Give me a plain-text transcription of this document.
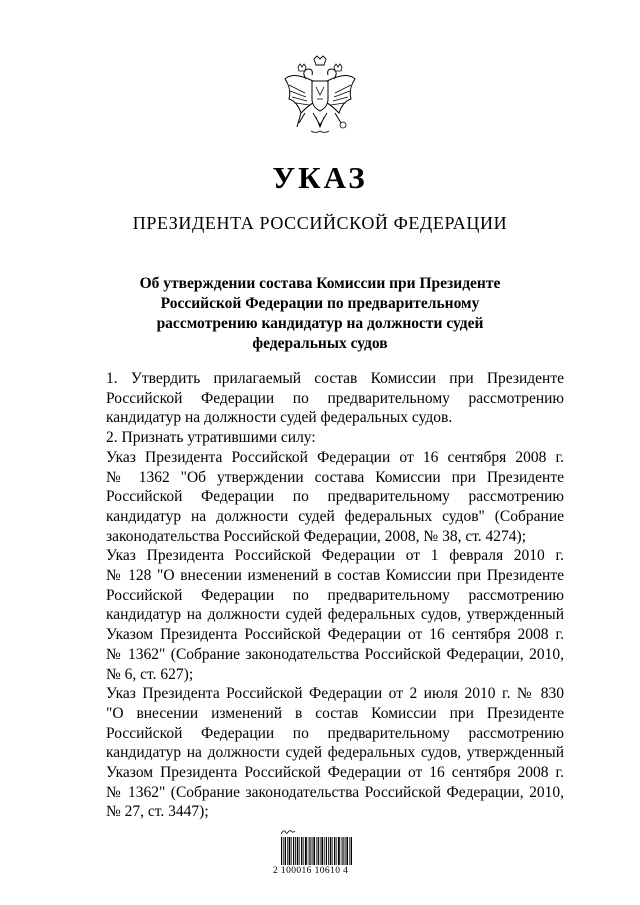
УКАЗ
ПРЕЗИДЕНТА РОССИЙСКОЙ ФЕДЕРАЦИИ
Об утверждении состава Комиссии при Президенте
Российской Федерации по предварительному
рассмотрению кандидатур на должности судей
федеральных судов
1. Утвердить прилагаемый состав Комиссии при Президенте
Российской Федерации по предварительному рассмотрению
кандидатур на должности судей федеральных судов.
2. Признать утратившими силу:
Указ Президента Российской Федерации от 16 сентября 2008 г.
№ 1362 "Об утверждении состава Комиссии при Президенте
Российской Федерации по предварительному рассмотрению
кандидатур на должности судей федеральных судов" (Собрание
законодательства Российской Федерации, 2008, № 38, ст. 4274);
Указ Президента Российской Федерации от 1 февраля 2010 г.
№ 128 "О внесении изменений в состав Комиссии при Президенте
Российской Федерации по предварительному рассмотрению
кандидатур на должности судей федеральных судов, утвержденный
Указом Президента Российской Федерации от 16 сентября 2008 г.
№ 1362" (Собрание законодательства Российской Федерации, 2010,
№ 6, ст. 627);
Указ Президента Российской Федерации от 2 июля 2010 г. № 830
"О внесении изменений в состав Комиссии при Президенте
Российской Федерации по предварительному рассмотрению
кандидатур на должности судей федеральных судов, утвержденный
Указом Президента Российской Федерации от 16 сентября 2008 г.
№ 1362" (Собрание законодательства Российской Федерации, 2010,
№ 27, ст. 3447);
2 100016 10610 4
